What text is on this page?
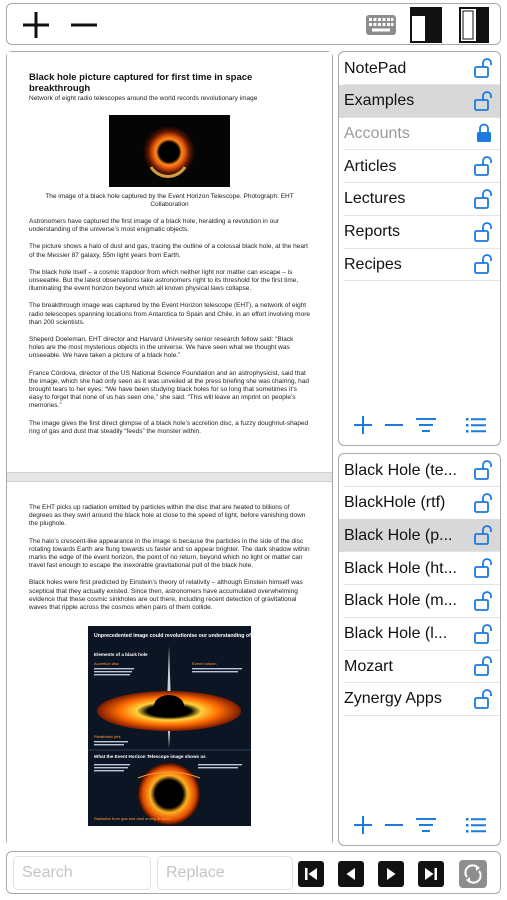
Black hole picture captured for first time in space breakthrough
Network of eight radio telescopes around the world records revolutionary image
The image of a black hole captured by the Event Horizon Telescope. Photograph: EHT Collaboration
Astronomers have captured the first image of a black hole, heralding a revolution in our understanding of the universe’s most enigmatic objects.
The picture shows a halo of dust and gas, tracing the outline of a colossal black hole, at the heart of the Messier 87 galaxy, 55m light years from Earth.
The black hole itself – a cosmic trapdoor from which neither light nor matter can escape – is unseeable. But the latest observations take astronomers right to its threshold for the first time, illuminating the event horizon beyond which all known physical laws collapse.
The breakthrough image was captured by the Event Horizon telescope (EHT), a network of eight radio telescopes spanning locations from Antarctica to Spain and Chile, in an effort involving more than 200 scientists.
Sheperd Doeleman, EHT director and Harvard University senior research fellow said: “Black holes are the most mysterious objects in the universe. We have seen what we thought was unseeable. We have taken a picture of a black hole.”
France Córdova, director of the US National Science Foundation and an astrophysicist, said that the image, which she had only seen as it was unveiled at the press briefing she was chairing, had brought tears to her eyes: “We have been studying black holes for so long that sometimes it’s easy to forget that none of us has seen one,” she said. “This will leave an imprint on people’s memories.”
The image gives the first direct glimpse of a black hole’s accretion disc, a fuzzy doughnut-shaped ring of gas and dust that steadily “feeds” the monster within.
The EHT picks up radiation emitted by particles within the disc that are heated to billions of degrees as they swirl around the black hole at close to the speed of light, before vanishing down the plughole.
The halo’s crescent-like appearance in the image is because the particles in the side of the disc rotating towards Earth are flung towards us faster and so appear brighter. The dark shadow within marks the edge of the event horizon, the point of no return, beyond which no light or matter can travel fast enough to escape the inexorable gravitational pull of the black hole.
Black holes were first predicted by Einstein’s theory of relativity – although Einstein himself was sceptical that they actually existed. Since then, astronomers have accumulated overwhelming evidence that these cosmic sinkholes are out there, including recent detection of gravitational waves that ripple across the cosmos when pairs of them collide.
Unprecedented image could revolutionise our understanding of black holes
Elements of a black hole
Accretion disc	Event horizon
Relativistic jets
What the Event Horizon Telescope image shows us
Radiation from gas and dust arcing around
NotePad
Examples
Accounts
Articles
Lectures
Reports
Recipes
Black Hole (te...
BlackHole (rtf)
Black Hole (p...
Black Hole (ht...
Black Hole (m...
Black Hole (l...
Mozart
Zynergy Apps
Search
Replace
